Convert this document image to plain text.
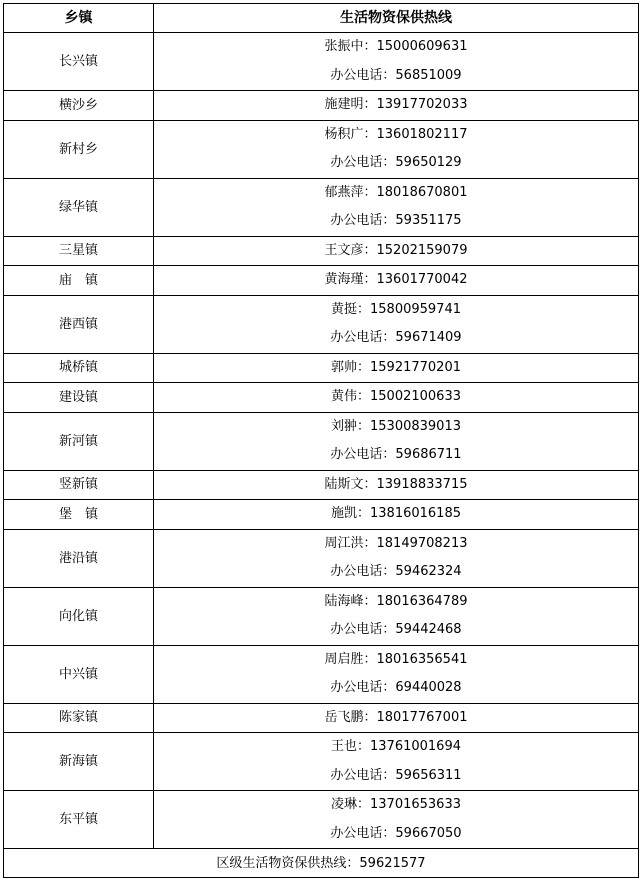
乡镇	生活物资保供热线
长兴镇	张振中：15000609631
办公电话：56851009

横沙乡	施建明：13917702033

新村乡	杨积广：13601802117
办公电话：59650129

绿华镇	郁燕萍：18018670801
办公电话：59351175

三星镇	王文彦：15202159079

庙　镇	黄海瑾：13601770042

港西镇	黄挺：15800959741
办公电话：59671409

城桥镇	郭帅：15921770201

建设镇	黄伟：15002100633

新河镇	刘翀：15300839013
办公电话：59686711

竖新镇	陆斯文：13918833715

堡　镇	施凯：13816016185

港沿镇	周江洪：18149708213
办公电话：59462324

向化镇	陆海峰：18016364789
办公电话：59442468

中兴镇	周启胜：18016356541
办公电话：69440028

陈家镇	岳飞鹏：18017767001

新海镇	王也：13761001694
办公电话：59656311

东平镇	凌琳：13701653633
办公电话：59667050

区级生活物资保供热线：59621577	
